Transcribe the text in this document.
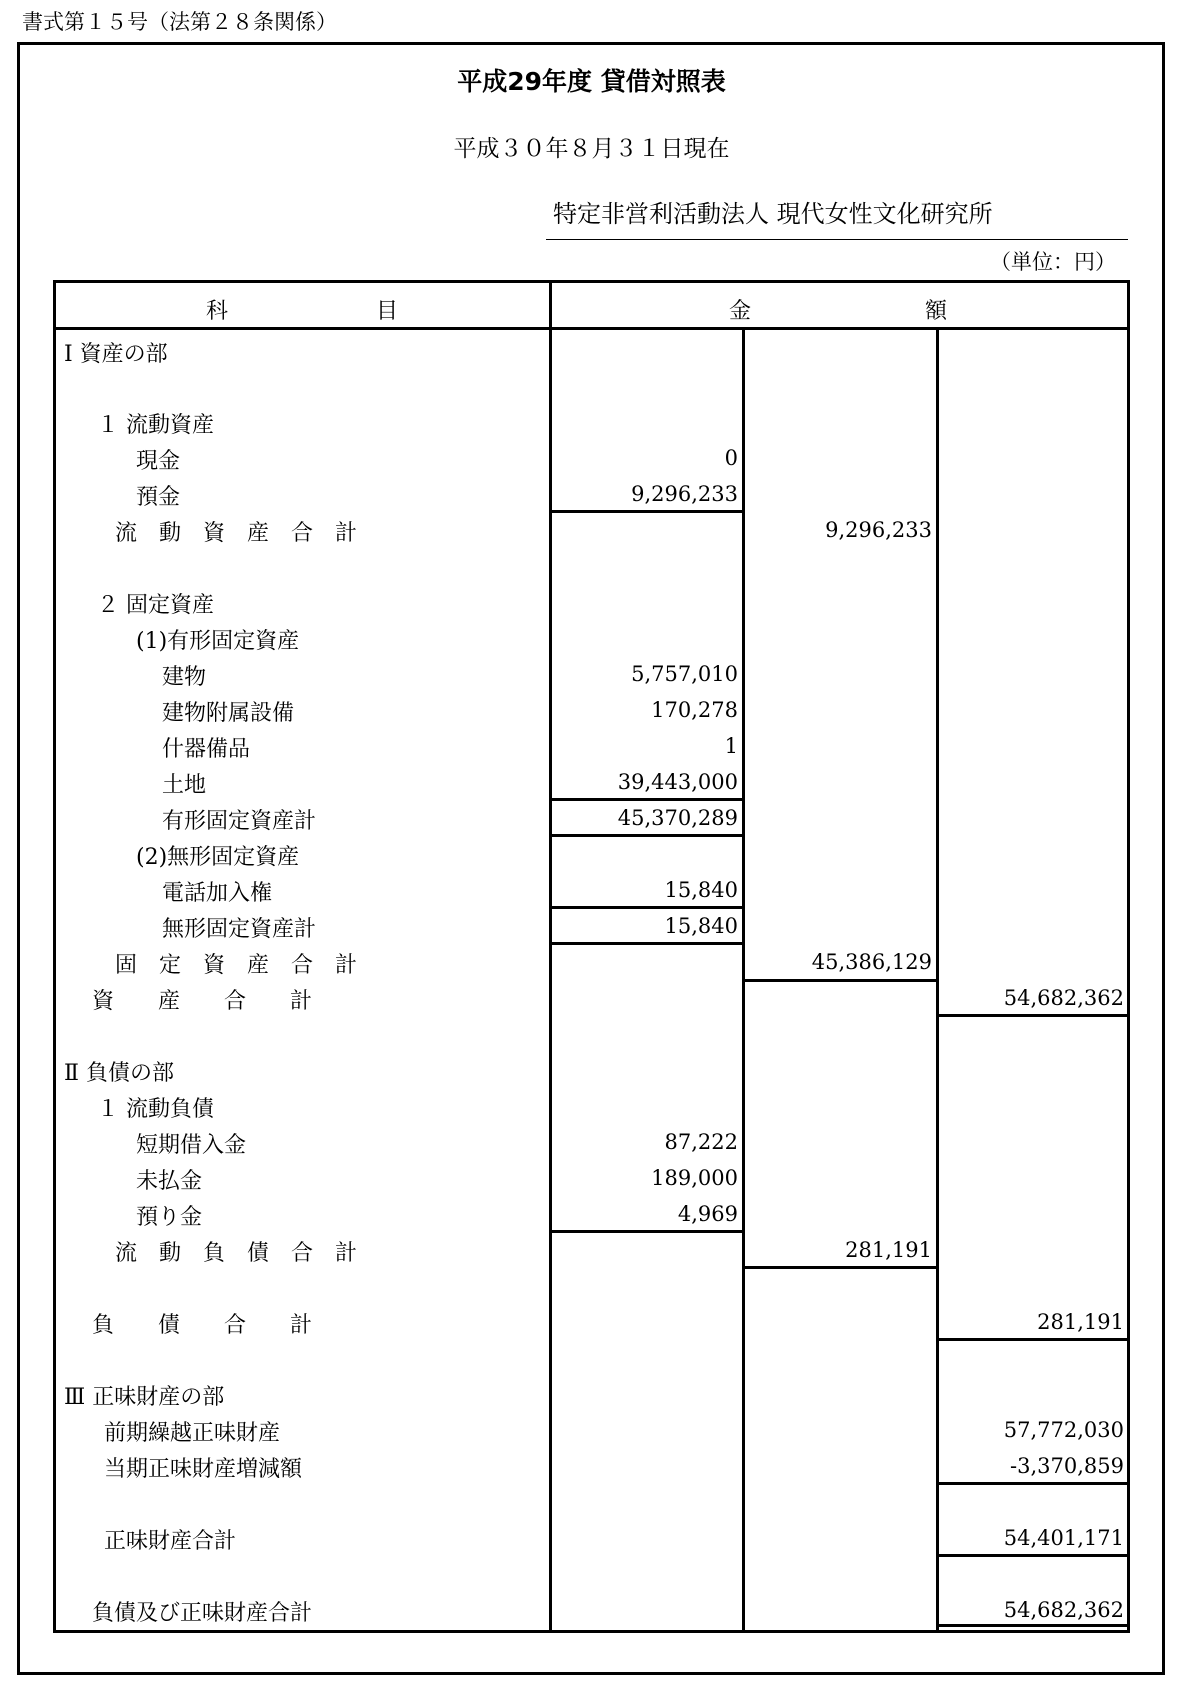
書式第１５号（法第２８条関係）
平成29年度 貸借対照表
平成３０年８月３１日現在
特定非営利活動法人 現代女性文化研究所
（単位：円）
科	目	金	額
Ⅰ 資産の部
１ 流動資産
現金	0
預金	9,296,233
流　動　資　産　合　計	9,296,233
２ 固定資産
(1)有形固定資産
建物	5,757,010
建物附属設備	170,278
什器備品	1
土地	39,443,000
有形固定資産計	45,370,289
(2)無形固定資産
電話加入権	15,840
無形固定資産計	15,840
固　定　資　産　合　計	45,386,129
資　　産　　合　　計	54,682,362
Ⅱ 負債の部
１ 流動負債
短期借入金	87,222
未払金	189,000
預り金	4,969
流　動　負　債　合　計	281,191
負　　債　　合　　計	281,191
Ⅲ 正味財産の部
前期繰越正味財産	57,772,030
当期正味財産増減額	-3,370,859
正味財産合計	54,401,171
負債及び正味財産合計	54,682,362
